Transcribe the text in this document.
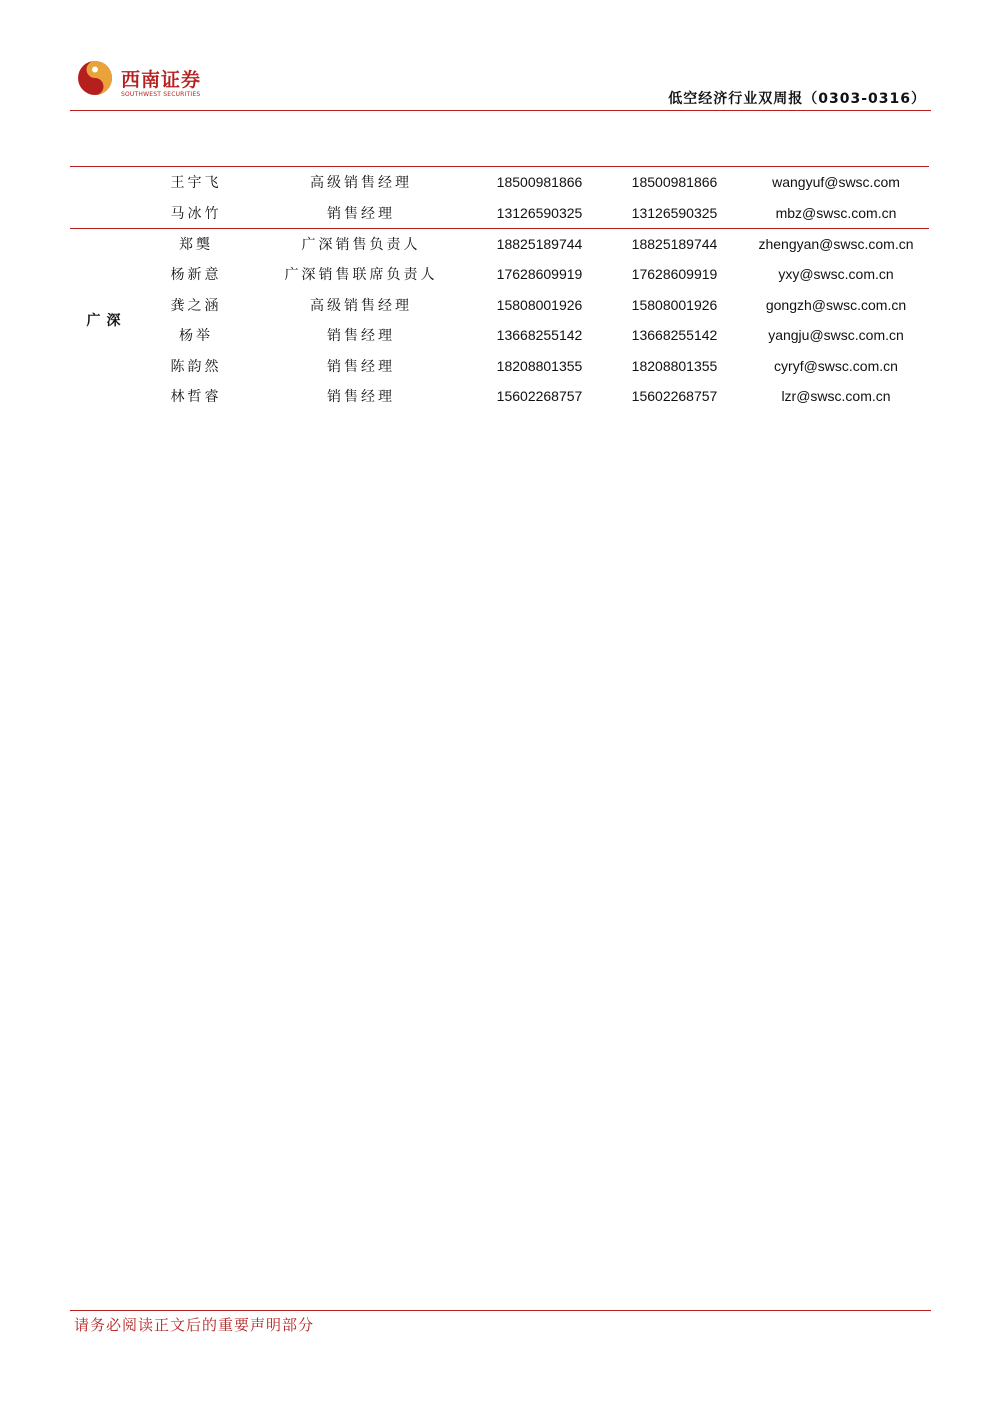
西南证券
SOUTHWEST SECURITIES	低空经济行业双周报（0303-0316）
	王宇飞	高级销售经理	18500981866	18500981866	wangyuf@swsc.com
	马冰竹	销售经理	13126590325	13126590325	mbz@swsc.com.cn
广深	郑龑	广深销售负责人	18825189744	18825189744	zhengyan@swsc.com.cn
	杨新意	广深销售联席负责人	17628609919	17628609919	yxy@swsc.com.cn
	龚之涵	高级销售经理	15808001926	15808001926	gongzh@swsc.com.cn
	杨举	销售经理	13668255142	13668255142	yangju@swsc.com.cn
	陈韵然	销售经理	18208801355	18208801355	cyryf@swsc.com.cn
	林哲睿	销售经理	15602268757	15602268757	lzr@swsc.com.cn
请务必阅读正文后的重要声明部分
